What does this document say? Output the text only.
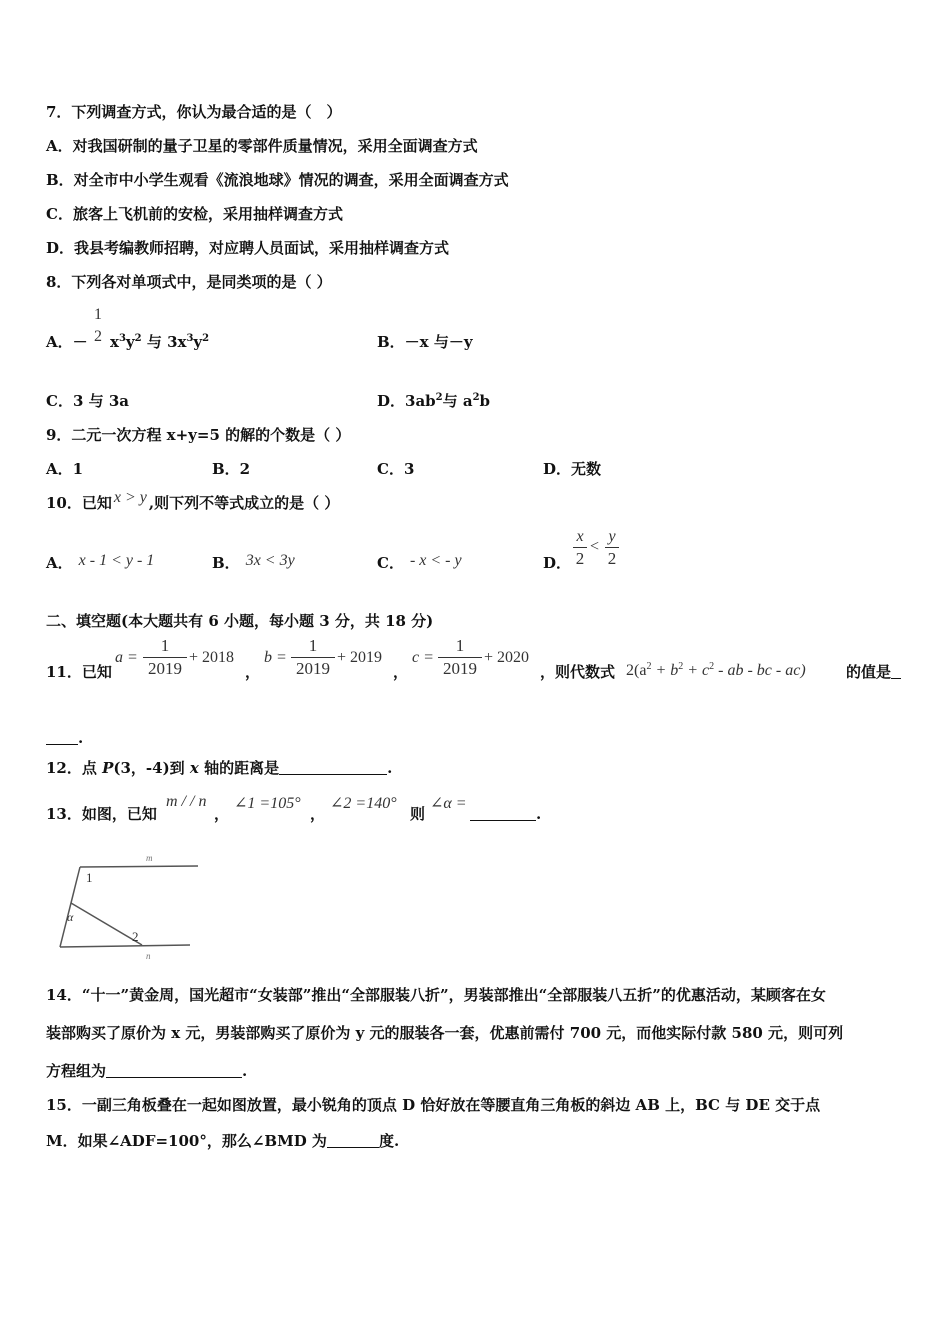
7．下列调查方式，你认为最合适的是（　）
A．对我国研制的量子卫星的零部件质量情况，采用全面调查方式
B．对全市中小学生观看《流浪地球》情况的调查，采用全面调查方式
C．旅客上飞机前的安检，采用抽样调查方式
D．我县考编教师招聘，对应聘人员面试，采用抽样调查方式
8．下列各对单项式中，是同类项的是（ ）
A．－
1
2 $x^3y^2$ 与 $3x^3y^2$	B．－x 与－y
C．3 与 3a	D．$3ab^2$与 $a^2b$
9．二元一次方程 x+y=5 的解的个数是（ ）
A．1	B．2	C．3	D．无数
10．已知 x > y ,则下列不等式成立的是（ ）
A． x - 1 < y - 1	B． 3x < 3y	C． - x < - y	D．
x
2
<
y
2
二、填空题(本大题共有 6 小题，每小题 3 分，共 18 分)
11．已知
a =
1
2019
+ 2018
，
b =
1
2019
+ 2019
，
c =
1
2019
+ 2020
，则代数式 $2(a^2 + b^2 + c^2$ - ab - bc - ac)	的值是
.
12．点 P(3，-4)到 x 轴的距离是	.
13．如图，已知
m / / n
，
∠1 =105°
，
∠2 =140°
则
∠α =
.
m
n
1
2
α
14．“十一”黄金周，国光超市“女装部”推出“全部服装八折”，男装部推出“全部服装八五折”的优惠活动，某顾客在女
装部购买了原价为 x 元，男装部购买了原价为 y 元的服装各一套，优惠前需付 700 元，而他实际付款 580 元，则可列
方程组为	.
15．一副三角板叠在一起如图放置，最小锐角的顶点 D 恰好放在等腰直角三角板的斜边 AB 上，BC 与 DE 交于点
M．如果∠ADF=100°，那么∠BMD 为	度.
